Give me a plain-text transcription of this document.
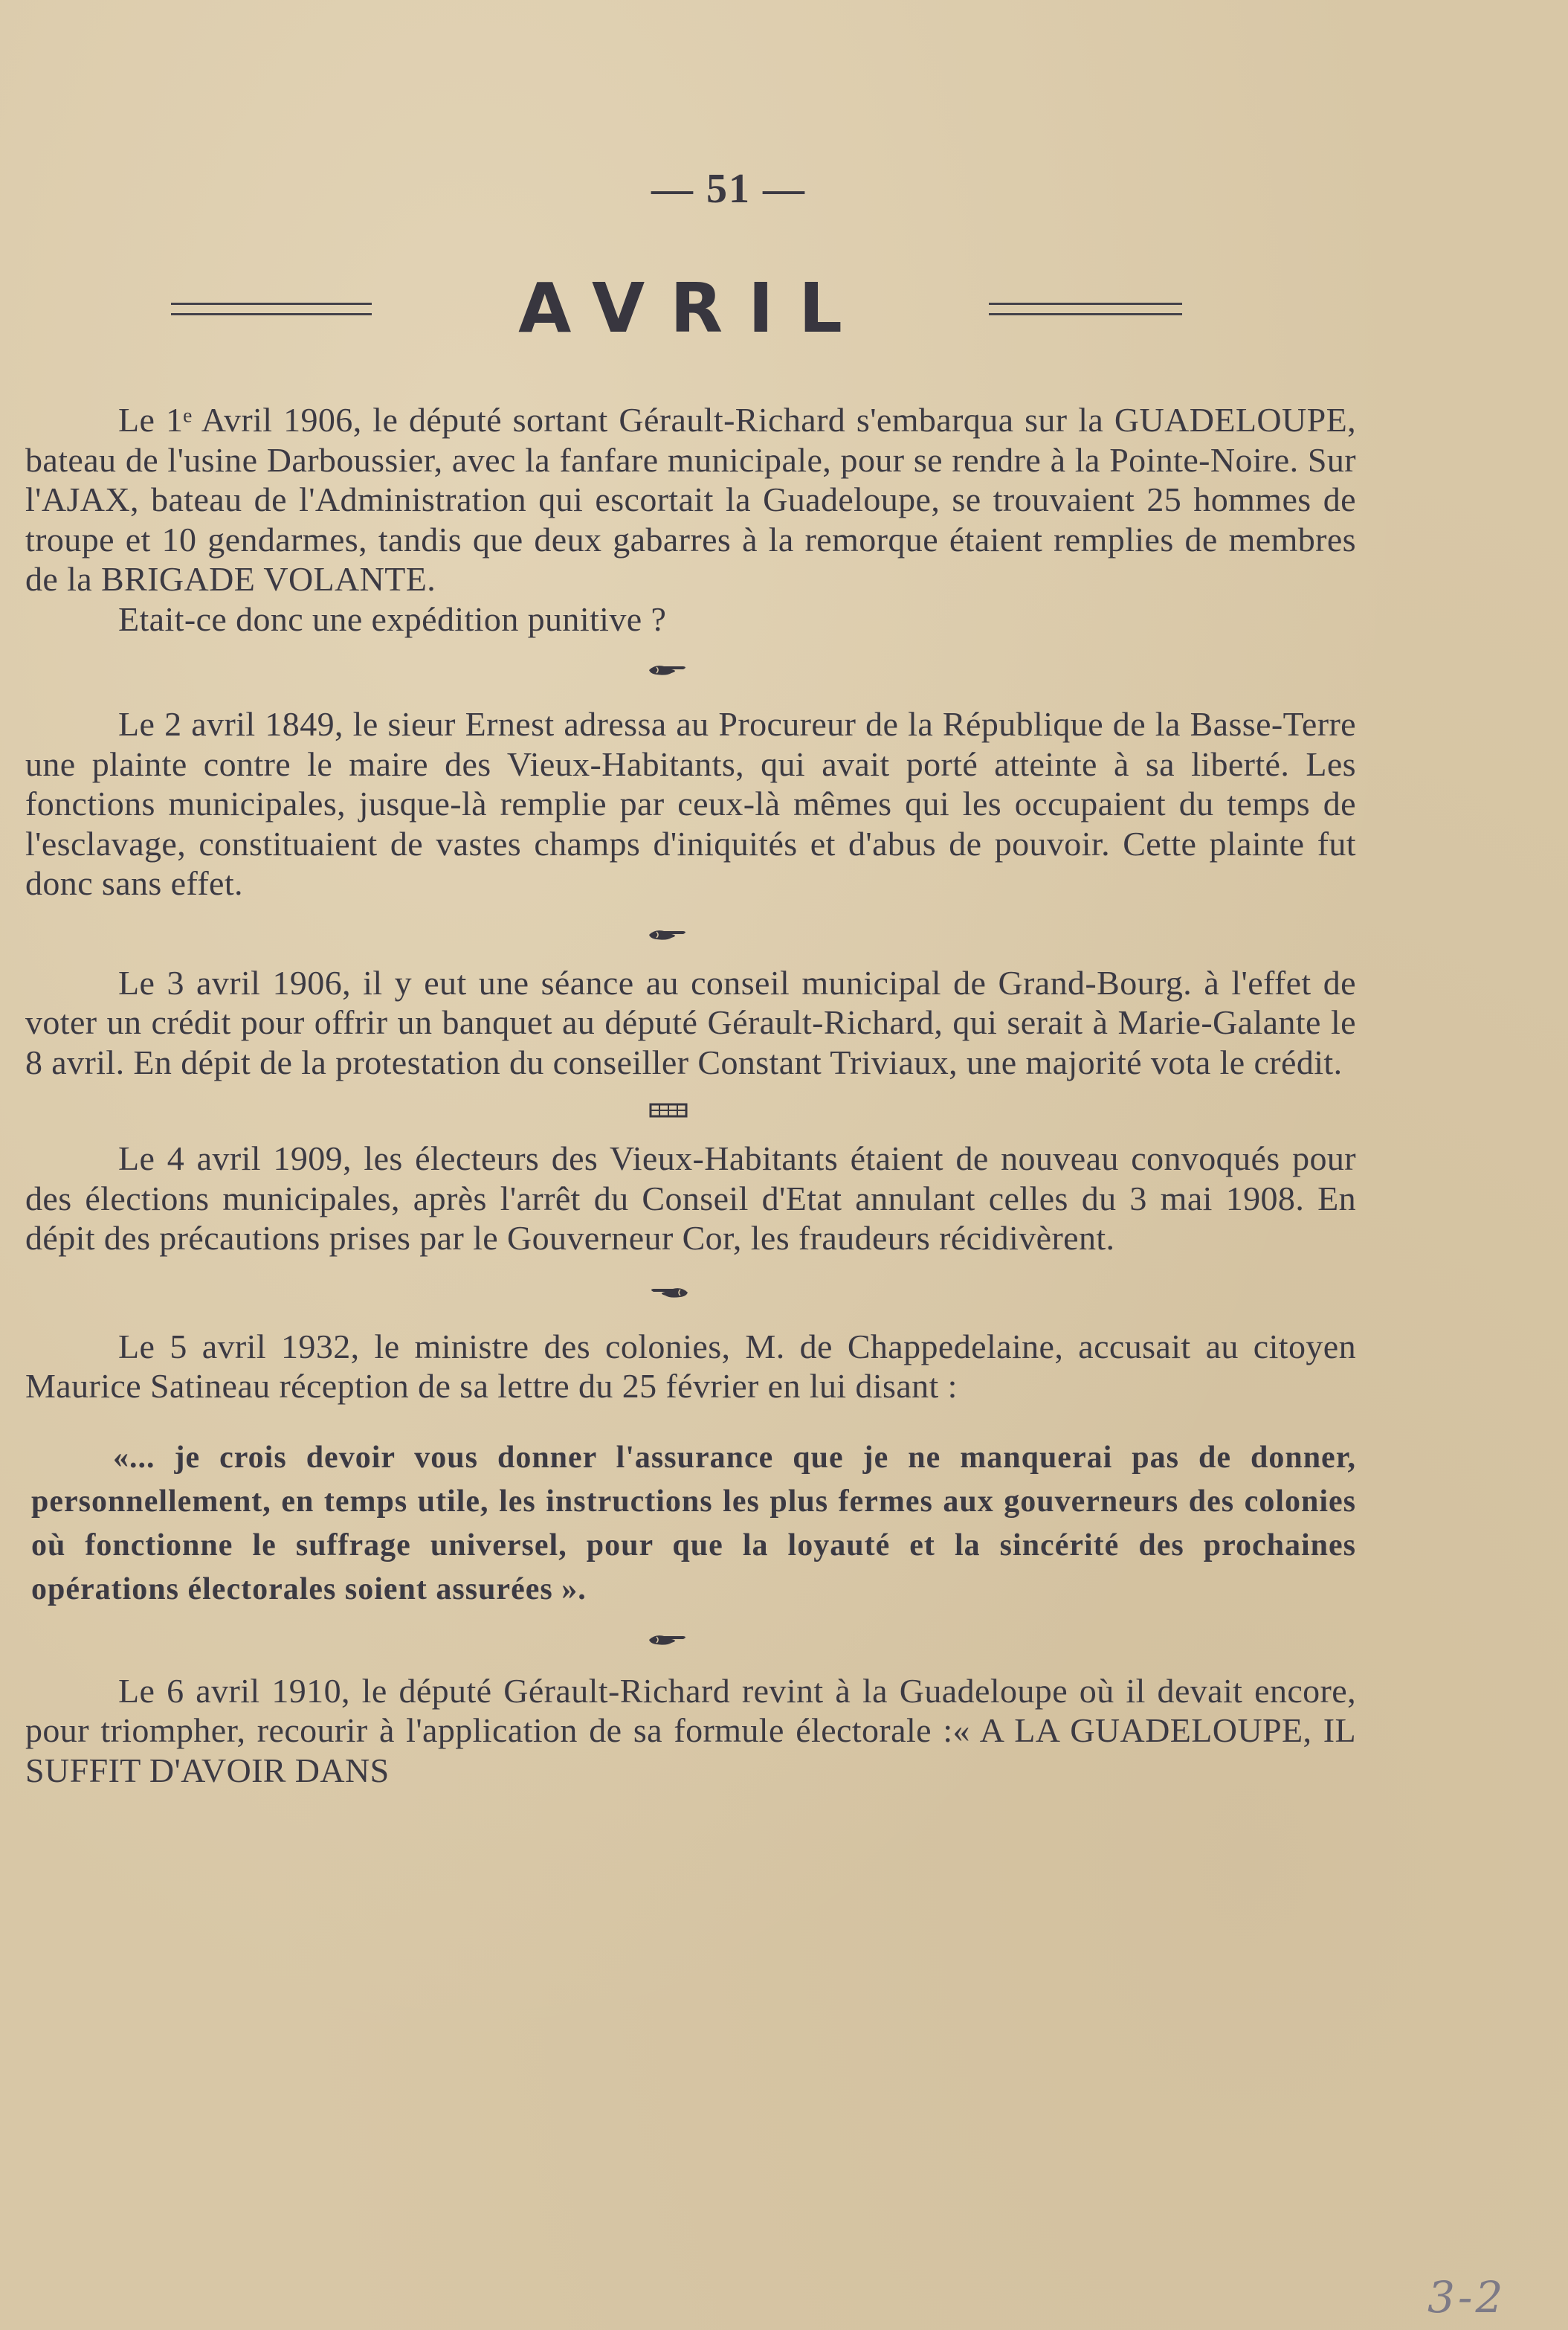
— 51 —
AVRIL

Le 1ᵉ Avril 1906, le député sortant Gérault-Richard s'embarqua sur la GUADELOUPE, bateau de l'usine Darboussier, avec la fanfare municipale, pour se rendre à la Pointe-Noire. Sur l'AJAX, bateau de l'Administration qui escortait la Guadeloupe, se trouvaient 25 hommes de troupe et 10 gendarmes, tandis que deux gabarres à la remorque étaient remplies de membres de la BRIGADE VOLANTE.

Etait-ce donc une expédition punitive ?

Le 2 avril 1849, le sieur Ernest adressa au Procureur de la République de la Basse-Terre une plainte contre le maire des Vieux-Habitants, qui avait porté atteinte à sa liberté. Les fonctions municipales, jusque-là remplie par ceux-là mêmes qui les occupaient du temps de l'esclavage, constituaient de vastes champs d'iniquités et d'abus de pouvoir. Cette plainte fut donc sans effet.

Le 3 avril 1906, il y eut une séance au conseil municipal de Grand-Bourg. à l'effet de voter un crédit pour offrir un banquet au député Gérault-Richard, qui serait à Marie-Galante le 8 avril. En dépit de la protestation du conseiller Constant Triviaux, une majorité vota le crédit.

Le 4 avril 1909, les électeurs des Vieux-Habitants étaient de nouveau convoqués pour des élections municipales, après l'arrêt du Conseil d'Etat annulant celles du 3 mai 1908. En dépit des précautions prises par le Gouverneur Cor, les fraudeurs récidivèrent.

Le 5 avril 1932, le ministre des colonies, M. de Chappedelaine, accusait au citoyen Maurice Satineau réception de sa lettre du 25 février en lui disant :

«... je crois devoir vous donner l'assurance que je ne manquerai pas de donner, personnellement, en temps utile, les instructions les plus fermes aux gouverneurs des colonies où fonctionne le suffrage universel, pour que la loyauté et la sincérité des prochaines opérations électorales soient assurées ».

Le 6 avril 1910, le député Gérault-Richard revint à la Guadeloupe où il devait encore, pour triompher, recourir à l'application de sa formule électorale :« A LA GUADELOUPE, IL SUFFIT D'AVOIR DANS

3-2
